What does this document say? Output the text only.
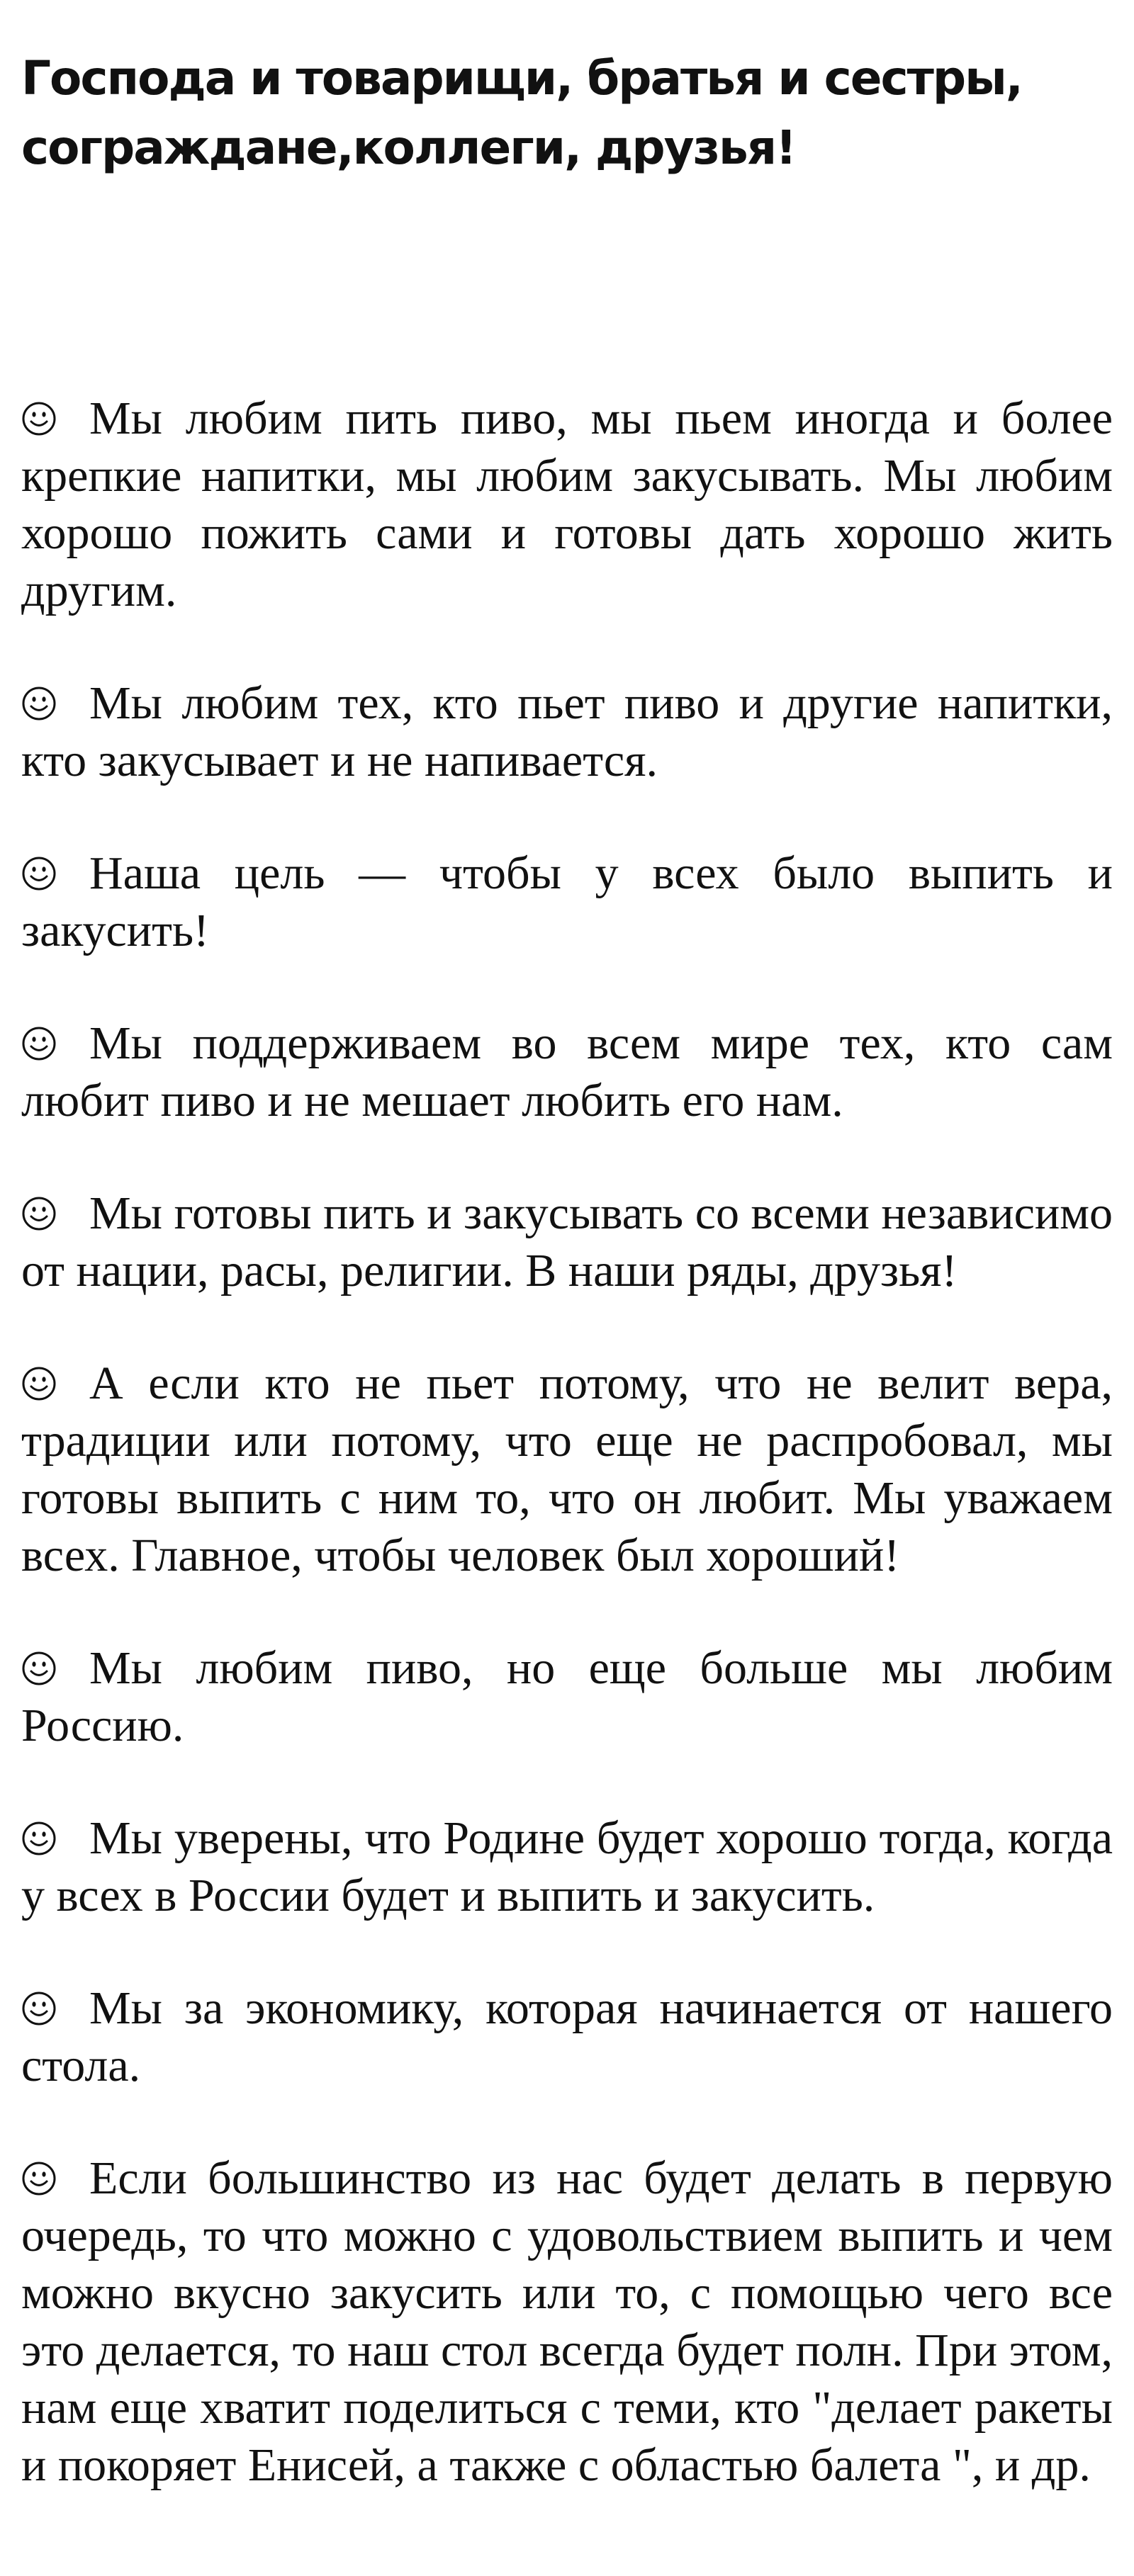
Господа и товарищи, братья и сестры, сограждане,коллеги, друзья!

Мы любим пить пиво, мы пьем иногда и более крепкие напитки, мы любим закусывать. Мы любим хорошо пожить сами и готовы дать хорошо жить другим.

Мы любим тех, кто пьет пиво и другие напитки, кто закусывает и не напивается.

Наша цель — чтобы у всех было выпить и закусить!

Мы поддерживаем во всем мире тех, кто сам любит пиво и не мешает любить его нам.

Мы готовы пить и закусывать со всеми независимо от нации, расы, религии. В наши ряды, друзья!

А если кто не пьет потому, что не велит вера, традиции или потому, что еще не распробовал, мы готовы выпить с ним то, что он любит. Мы уважаем всех. Главное, чтобы человек был хороший!

Мы любим пиво, но еще больше мы любим Россию.

Мы уверены, что Родине будет хорошо тогда, когда у всех в России будет и выпить и закусить.

Мы за экономику, которая начинается от нашего стола.

Если большинство из нас будет делать в первую очередь, то что можно с удовольствием выпить и чем можно вкусно закусить или то, с помощью чего все это делается, то наш стол всегда будет полн. При этом, нам еще хватит поделиться с теми, кто "делает ракеты и покоряет Енисей, а также с областью балета ", и др.
